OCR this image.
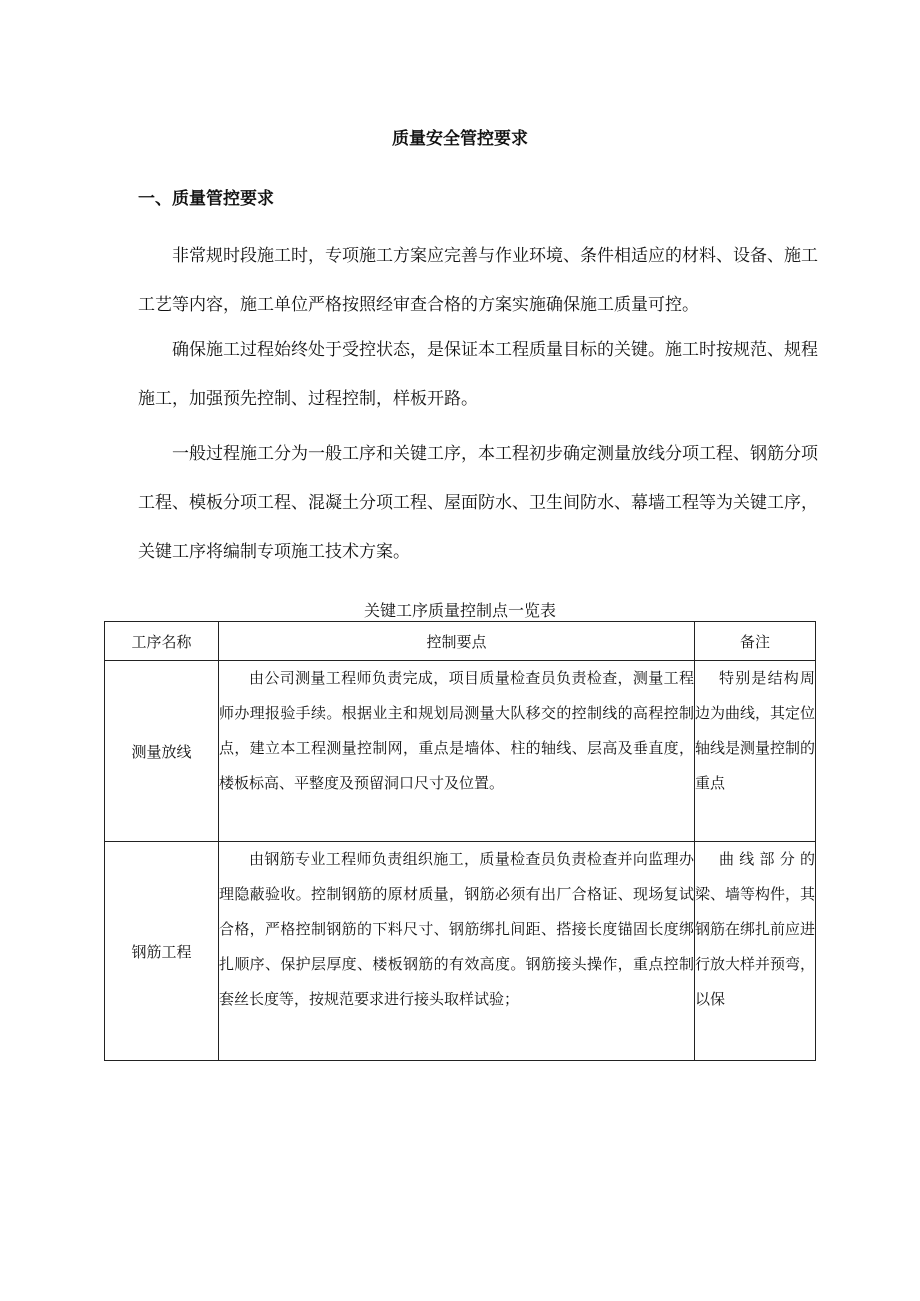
质量安全管控要求
一、质量管控要求

非常规时段施工时，专项施工方案应完善与作业环境、条件相适应的材料、设备、施工工艺等内容，施工单位严格按照经审查合格的方案实施确保施工质量可控。

确保施工过程始终处于受控状态，是保证本工程质量目标的关键。施工时按规范、规程施工，加强预先控制、过程控制，样板开路。

一般过程施工分为一般工序和关键工序，本工程初步确定测量放线分项工程、钢筋分项工程、模板分项工程、混凝土分项工程、屋面防水、卫生间防水、幕墙工程等为关键工序，关键工序将编制专项施工技术方案。

关键工序质量控制点一览表
工序名称	控制要点	备注
测量放线	由公司测量工程师负责完成，项目质量检查员负责检查，测量工程师办理报验手续。根据业主和规划局测量大队移交的控制线的高程控制点，建立本工程测量控制网，重点是墙体、柱的轴线、层高及垂直度，楼板标高、平整度及预留洞口尺寸及位置。	特别是结构周边为曲线，其定位轴线是测量控制的重点
钢筋工程	由钢筋专业工程师负责组织施工，质量检查员负责检查并向监理办理隐蔽验收。控制钢筋的原材质量，钢筋必须有出厂合格证、现场复试合格，严格控制钢筋的下料尺寸、钢筋绑扎间距、搭接长度锚固长度绑扎顺序、保护层厚度、楼板钢筋的有效高度。钢筋接头操作，重点控制套丝长度等，按规范要求进行接头取样试验；	曲线部分的梁、墙等构件，其钢筋在绑扎前应进行放大样并预弯，以保
